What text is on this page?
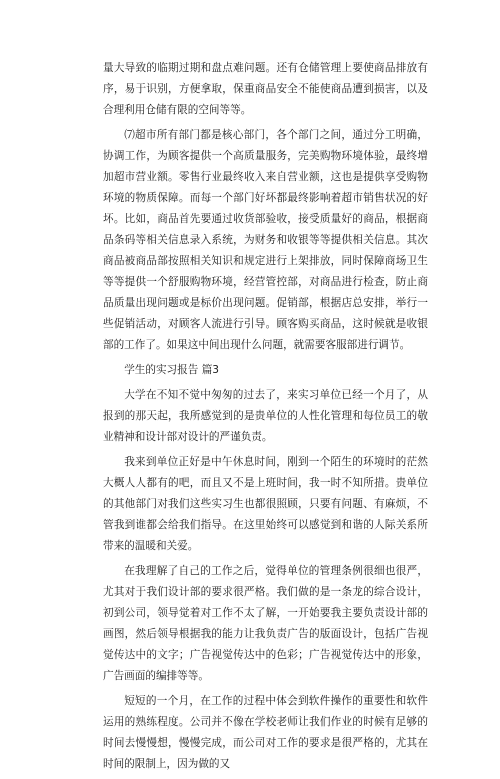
量大导致的临期过期和盘点难问题。还有仓储管理上要使商品排放有序，易于识别，方便拿取，保重商品安全不能使商品遭到损害，以及合理利用仓储有限的空间等等。

⑺超市所有部门都是核心部门，各个部门之间，通过分工明确，协调工作，为顾客提供一个高质量服务，完美购物环境体验，最终增加超市营业额。零售行业最终收入来自营业额，这也是提供享受购物环境的物质保障。而每一个部门好坏都最终影响着超市销售状况的好坏。比如，商品首先要通过收货部验收，接受质量好的商品，根据商品条码等相关信息录入系统，为财务和收银等等提供相关信息。其次商品被商品部按照相关知识和规定进行上架排放，同时保障商场卫生等等提供一个舒服购物环境，经营管控部，对商品进行检查，防止商品质量出现问题或是标价出现问题。促销部，根据店总安排，举行一些促销活动，对顾客人流进行引导。顾客购买商品，这时候就是收银部的工作了。如果这中间出现什么问题，就需要客服部进行调节。

学生的实习报告 篇3

大学在不知不觉中匆匆的过去了，来实习单位已经一个月了，从报到的那天起，我所感觉到的是贵单位的人性化管理和每位员工的敬业精神和设计部对设计的严谨负责。

我来到单位正好是中午休息时间，刚到一个陌生的环境时的茫然大概人人都有的吧，而且又不是上班时间，我一时不知所措。贵单位的其他部门对我们这些实习生也都很照顾，只要有问题、有麻烦，不管我到谁都会给我们指导。在这里始终可以感觉到和谐的人际关系所带来的温暖和关爱。

在我理解了自己的工作之后，觉得单位的管理条例很细也很严，尤其对于我们设计部的要求很严格。我们做的是一条龙的综合设计，初到公司，领导觉着对工作不太了解，一开始要我主要负责设计部的画图，然后领导根据我的能力让我负责广告的版面设计，包括广告视觉传达中的文字；广告视觉传达中的色彩；广告视觉传达中的形象，广告画面的编排等等。

短短的一个月，在工作的过程中体会到软件操作的重要性和软件运用的熟练程度。公司并不像在学校老师让我们作业的时候有足够的时间去慢慢想，慢慢完成，而公司对工作的要求是很严格的，尤其在时间的限制上，因为做的又
